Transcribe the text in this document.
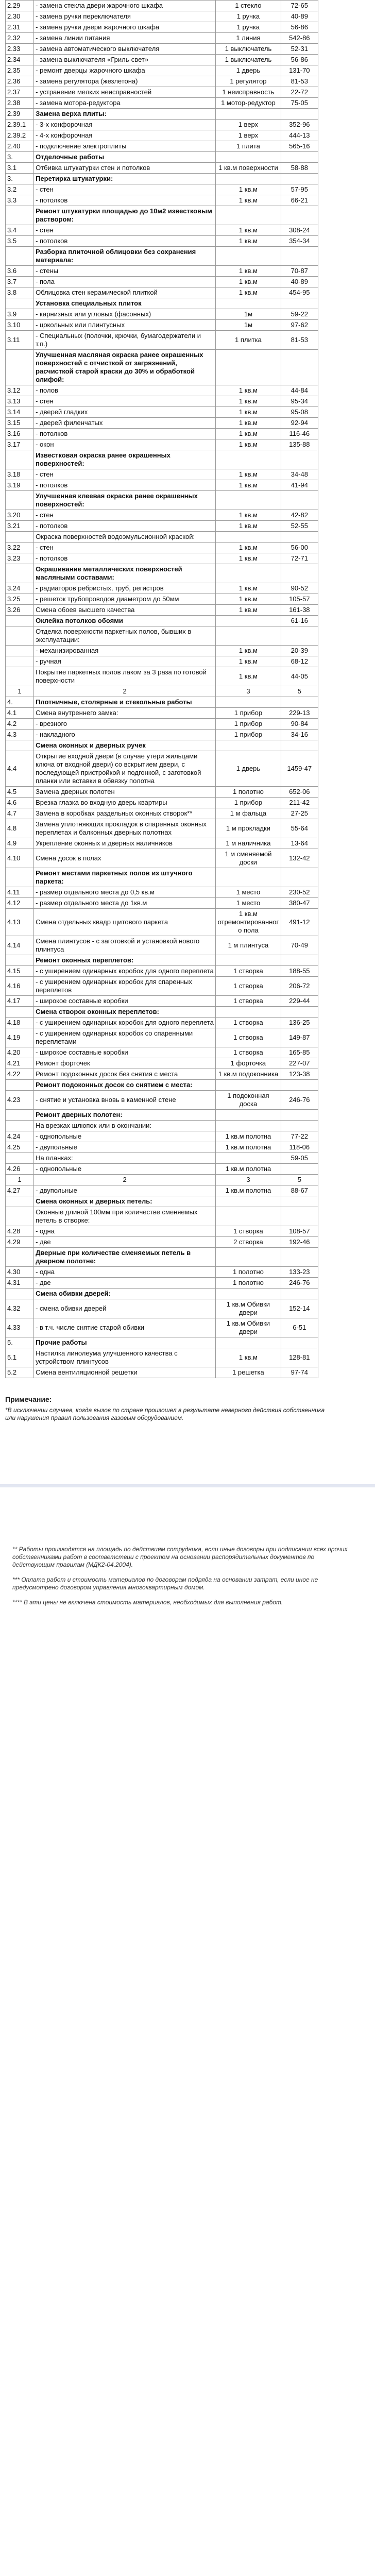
2.29	- замена стекла двери жарочного шкафа	1 стекло	72-65
2.30	- замена ручки переключателя	1 ручка	40-89
2.31	- замена ручки двери жарочного шкафа	1 ручка	56-86
2.32	- замена линии питания	1 линия	542-86
2.33	- замена автоматического выключателя	1 выключатель	52-31
2.34	- замена выключателя «Гриль-свет»	1 выключатель	56-86
2.35	- ремонт дверцы жарочного шкафа	1 дверь	131-70
2.36	- замена регулятора (жезлетона)	1 регулятор	81-53
2.37	- устранение мелких неисправностей	1 неисправность	22-72
2.38	- замена мотора-редуктора	1 мотор-редуктор	75-05
2.39	Замена верха плиты:		
2.39.1	- 3-х конфорочная	1 верх	352-96
2.39.2	- 4-х конфорочная	1 верх	444-13
2.40	- подключение электроплиты	1 плита	565-16
3.	Отделочные работы		
3.1	Отбивка штукатурки стен и потолков	1 кв.м поверхности	58-88
3.	Перетирка штукатурки:		
3.2	- стен	1 кв.м	57-95
3.3	- потолков	1 кв.м	66-21
	Ремонт штукатурки площадью до 10м2 известковым раствором:		
3.4	- стен	1 кв.м	308-24
3.5	- потолков	1 кв.м	354-34
	Разборка плиточной облицовки без сохранения материала:		
3.6	- стены	1 кв.м	70-87
3.7	- пола	1 кв.м	40-89
3.8	Облицовка стен керамической плиткой	1 кв.м	454-95
	Установка специальных плиток		
3.9	- карнизных или угловых (фасонных)	1м	59-22
3.10	- цокольных или плинтусных	1м	97-62
3.11	- Специальных (полочки, крючки, бумагодержатели и т.п.)	1 плитка	81-53
	Улучшенная масляная окраска ранее окрашенных поверхностей с отчисткой от загрязнений, расчисткой старой краски до 30% и обработкой олифой:		
3.12	- полов	1 кв.м	44-84
3.13	- стен	1 кв.м	95-34
3.14	- дверей гладких	1 кв.м	95-08
3.15	- дверей филенчатых	1 кв.м	92-94
3.16	- потолков	1 кв.м	116-46
3.17	- окон	1 кв.м	135-88
	Известковая окраска ранее окрашенных поверхностей:		
3.18	- стен	1 кв.м	34-48
3.19	- потолков	1 кв.м	41-94
	Улучшенная клеевая окраска ранее окрашенных поверхностей:		
3.20	- стен	1 кв.м	42-82
3.21	- потолков	1 кв.м	52-55
	Окраска поверхностей водоэмульсионной краской:		
3.22	- стен	1 кв.м	56-00
3.23	- потолков	1 кв.м	72-71
	Окрашивание металлических поверхностей масляными составами:		
3.24	- радиаторов ребристых, труб, регистров	1 кв.м	90-52
3.25	- решеток трубопроводов диаметром до 50мм	1 кв.м	105-57
3.26	Смена обоев высшего качества	1 кв.м	161-38
	Оклейка потолков обоями		61-16
	Отделка поверхности паркетных полов, бывших в эксплуатации:		
	- механизированная	1 кв.м	20-39
	- ручная	1 кв.м	68-12
	Покрытие паркетных полов лаком за 3 раза по готовой поверхности	1 кв.м	44-05
1	2	3	5
4.	Плотничные, столярные и стекольные работы		
4.1	Смена внутреннего замка:	1 прибор	229-13
4.2	- врезного	1 прибор	90-84
4.3	- накладного	1 прибор	34-16
	Смена оконных и дверных ручек		
4.4	Открытие входной двери (в случае утери жильцами ключа от входной двери) со вскрытием двери, с последующей пристройкой и подгонкой, с заготовкой планки или вставки в обвязку полотна	1 дверь	1459-47
4.5	Замена дверных полотен	1 полотно	652-06
4.6	Врезка глазка во входную дверь квартиры	1 прибор	211-42
4.7	Замена в коробках раздельных оконных створок**	1 м фальца	27-25
4.8	Замена уплотняющих прокладок в спаренных оконных переплетах и балконных дверных полотнах	1 м прокладки	55-64
4.9	Укрепление оконных и дверных наличников	1 м наличника	13-64
4.10	Смена досок в полах	1 м сменяемой доски	132-42
	Ремонт местами паркетных полов из штучного паркета:		
4.11	- размер отдельного места до 0,5 кв.м	1 место	230-52
4.12	- размер отдельного места до 1кв.м	1 место	380-47
4.13	Смена отдельных квадр щитового паркета	1 кв.м отремонтированного пола	491-12
4.14	Смена плинтусов - с заготовкой и установкой нового плинтуса	1 м плинтуса	70-49
	Ремонт оконных переплетов:		
4.15	- с уширением одинарных коробок для одного переплета	1 створка	188-55
4.16	- с уширением одинарных коробок для спаренных переплетов	1 створка	206-72
4.17	- широкое составные коробки	1 створка	229-44
	Смена створок оконных переплетов:		
4.18	- с уширением одинарных коробок для одного переплета	1 створка	136-25
4.19	- с уширением одинарных коробок со спаренными переплетами	1 створка	149-87
4.20	- широкое составные коробки	1 створка	165-85
4.21	Ремонт форточек	1 форточка	227-07
4.22	Ремонт подоконных досок без снятия с места	1 кв.м подоконника	123-38
	Ремонт подоконных досок со снятием с места:		
4.23	- снятие и установка вновь в каменной стене	1 подоконная доска	246-76
	Ремонт дверных полотен:		
	На врезках шлюпок или в окончании:		
4.24	- однопольные	1 кв.м полотна	77-22
4.25	- двупольные	1 кв.м полотна	118-06
	На планках:		59-05
4.26	- однопольные	1 кв.м полотна	
1	2	3	5
4.27	- двупольные	1 кв.м полотна	88-67
	Смена оконных и дверных петель:		
	Оконные длиной 100мм при количестве сменяемых петель в створке:		
4.28	- одна	1 створка	108-57
4.29	- две	2 створка	192-46
	Дверные при количестве сменяемых петель в дверном полотне:		
4.30	- одна	1 полотно	133-23
4.31	- две	1 полотно	246-76
	Смена обивки дверей:		
4.32	- смена обивки дверей	1 кв.м Обивки двери	152-14
4.33	- в т.ч. числе снятие старой обивки	1 кв.м Обивки двери	6-51
5.	Прочие работы		
5.1	Настилка линолеума улучшенного качества с устройством плинтусов	1 кв.м	128-81
5.2	Смена вентиляционной решетки	1 решетка	97-74
Примечание:

*В исключении случаев, когда вызов по стране произошел в результате неверного действия собственника или нарушения правил пользования газовым оборудованием.

** Работы производятся на площадь по действиям сотрудника, если иные договоры при подписании всех прочих собственниками работ в соответствии с проектом на основании распорядительных документов по действующим правилам (МДК2-04.2004).

*** Оплата работ и стоимость материалов по договорам подряда на основании затрат, если иное не предусмотрено договором управления многоквартирным домом.

**** В эти цены не включена стоимость материалов, необходимых для выполнения работ.
